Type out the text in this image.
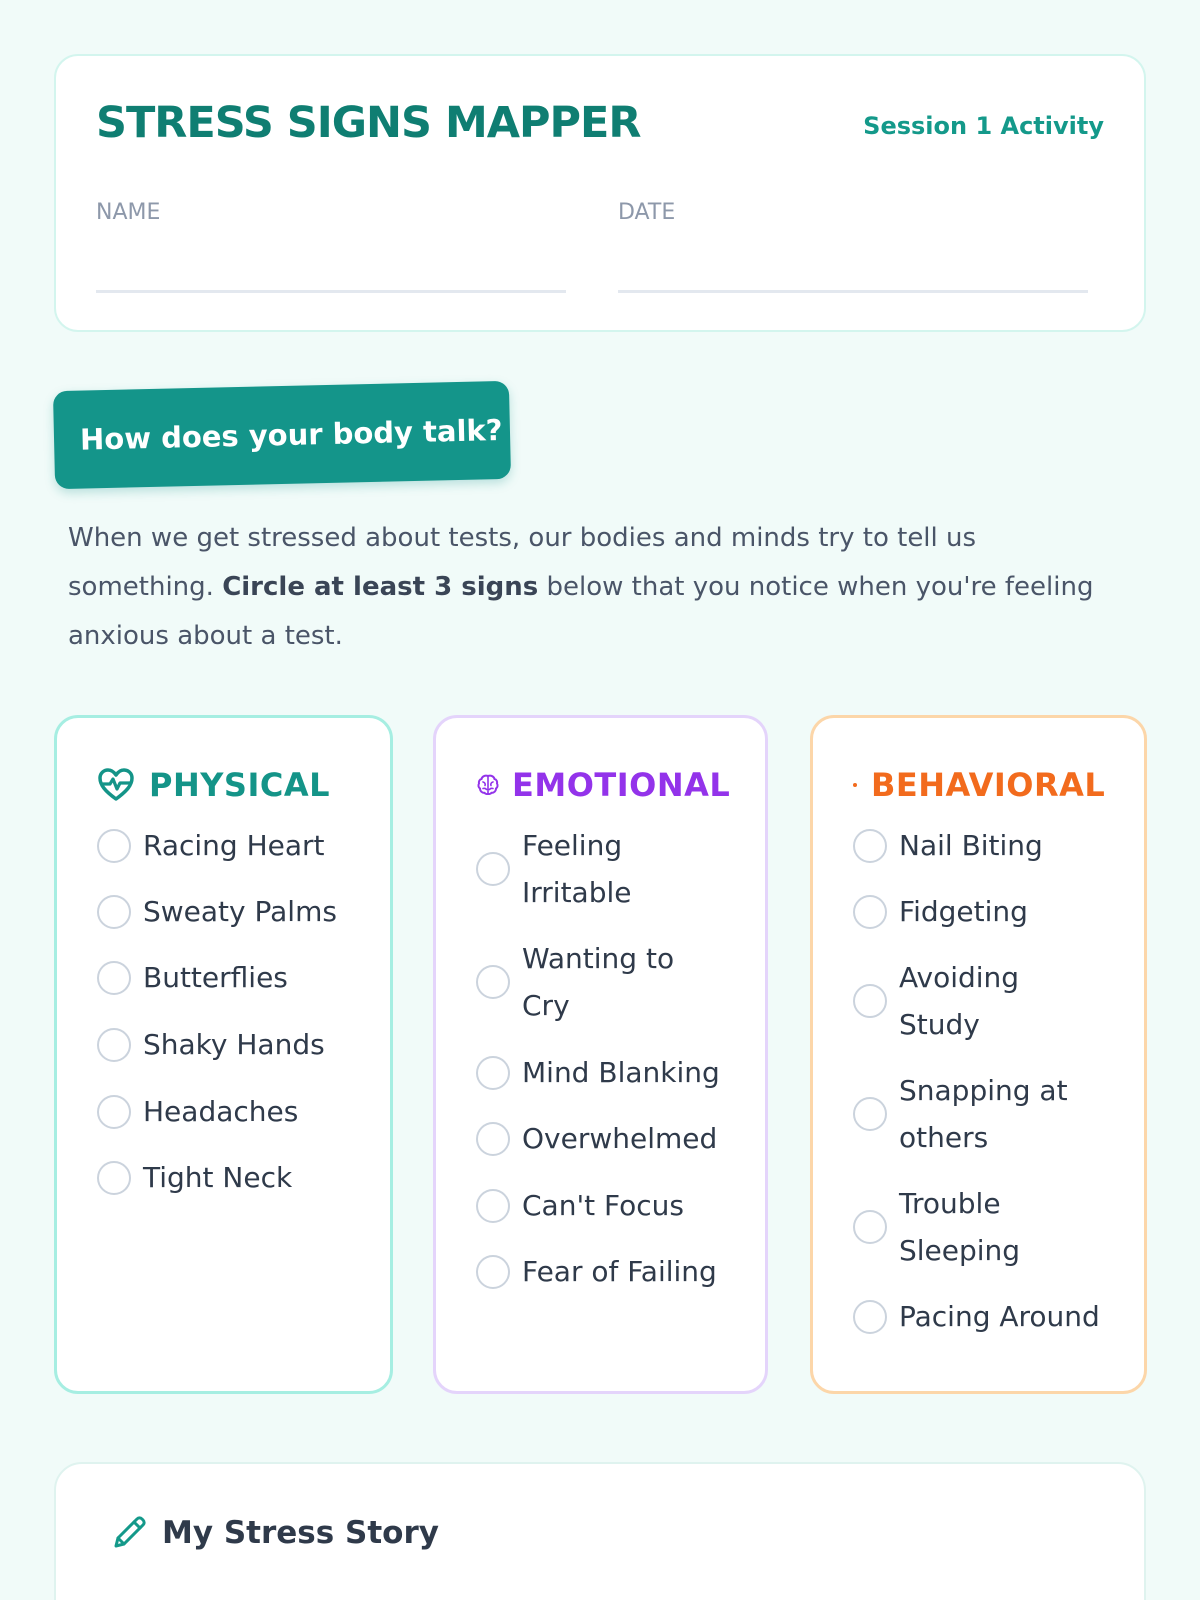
STRESS SIGNS MAPPER	Session 1 Activity
NAME	DATE
How does your body talk?

When we get stressed about tests, our bodies and minds try to tell us something. Circle at least 3 signs below that you notice when you're feeling anxious about a test.

PHYSICAL
Racing Heart
Sweaty Palms
Butterflies
Shaky Hands
Headaches
Tight Neck
EMOTIONAL
Feeling Irritable
Wanting to Cry
Mind Blanking
Overwhelmed
Can't Focus
Fear of Failing
BEHAVIORAL
Nail Biting
Fidgeting
Avoiding Study
Snapping at others
Trouble Sleeping
Pacing Around
My Stress Story
